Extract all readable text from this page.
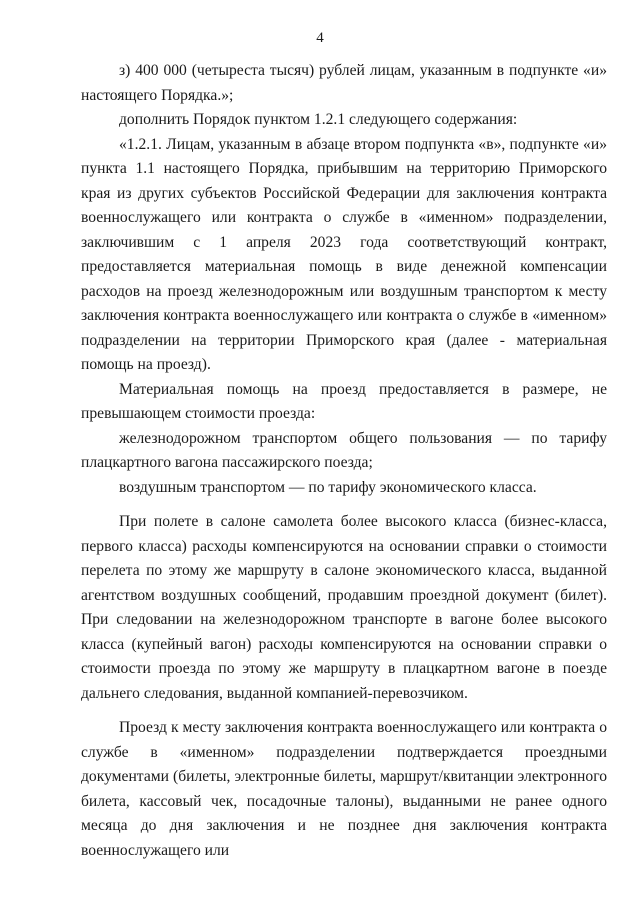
4

з) 400 000 (четыреста тысяч) рублей лицам, указанным в подпункте «и» настоящего Порядка.»;

дополнить Порядок пунктом 1.2.1 следующего содержания:

«1.2.1. Лицам, указанным в абзаце втором подпункта «в», подпункте «и» пункта 1.1 настоящего Порядка, прибывшим на территорию Приморского края из других субъектов Российской Федерации для заключения контракта военнослужащего или контракта о службе в «именном» подразделении, заключившим с 1 апреля 2023 года соответствующий контракт, предоставляется материальная помощь в виде денежной компенсации расходов на проезд железнодорожным или воздушным транспортом к месту заключения контракта военнослужащего или контракта о службе в «именном» подразделении на территории Приморского края (далее - материальная помощь на проезд).

Материальная помощь на проезд предоставляется в размере, не превышающем стоимости проезда:

железнодорожном транспортом общего пользования — по тарифу плацкартного вагона пассажирского поезда;

воздушным транспортом — по тарифу экономического класса.

При полете в салоне самолета более высокого класса (бизнес-класса, первого класса) расходы компенсируются на основании справки о стоимости перелета по этому же маршруту в салоне экономического класса, выданной агентством воздушных сообщений, продавшим проездной документ (билет). При следовании на железнодорожном транспорте в вагоне более высокого класса (купейный вагон) расходы компенсируются на основании справки о стоимости проезда по этому же маршруту в плацкартном вагоне в поезде дальнего следования, выданной компанией-перевозчиком.

Проезд к месту заключения контракта военнослужащего или контракта о службе в «именном» подразделении подтверждается проездными документами (билеты, электронные билеты, маршрут/квитанции электронного билета, кассовый чек, посадочные талоны), выданными не ранее одного месяца до дня заключения и не позднее дня заключения контракта военнослужащего или
